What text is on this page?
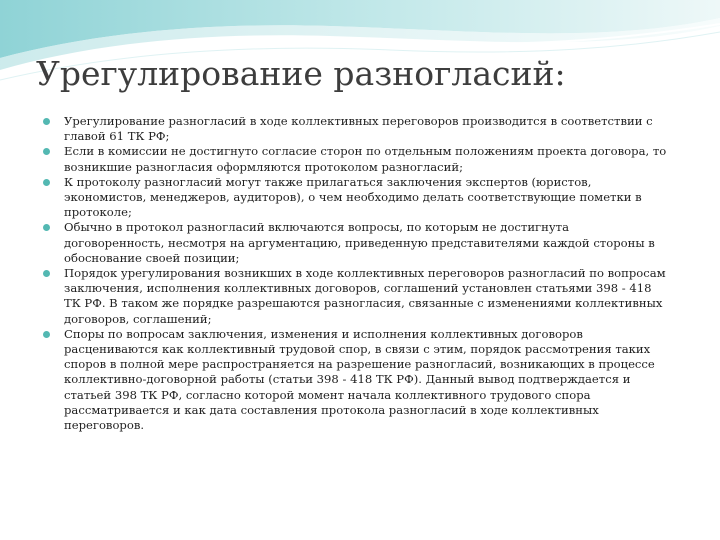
Урегулирование разногласий:
Урегулирование разногласий в ходе коллективных переговоров производится в соответствии с главой 61 ТК РФ;
Если в комиссии не достигнуто согласие сторон по отдельным положениям проекта договора, то возникшие разногласия оформляются протоколом разногласий;
К протоколу разногласий могут также прилагаться заключения экспертов (юристов, экономистов, менеджеров, аудиторов), о чем необходимо делать соответствующие пометки в протоколе;
Обычно в протокол разногласий включаются вопросы, по которым не достигнута договоренность, несмотря на аргументацию, приведенную представителями каждой стороны в обоснование своей позиции;
Порядок урегулирования возникших в ходе коллективных переговоров разногласий по вопросам заключения, исполнения коллективных договоров, соглашений установлен статьями 398 - 418 ТК РФ. В таком же порядке разрешаются разногласия, связанные с изменениями коллективных договоров, соглашений;
Споры по вопросам заключения, изменения и исполнения коллективных договоров расцениваются как коллективный трудовой спор, в связи с этим, порядок рассмотрения таких споров в полной мере распространяется на разрешение разногласий, возникающих в процессе коллективно-договорной работы (статьи 398 - 418 ТК РФ). Данный вывод подтверждается и статьей 398 ТК РФ, согласно которой момент начала коллективного трудового спора рассматривается и как дата составления протокола разногласий в ходе коллективных переговоров.
